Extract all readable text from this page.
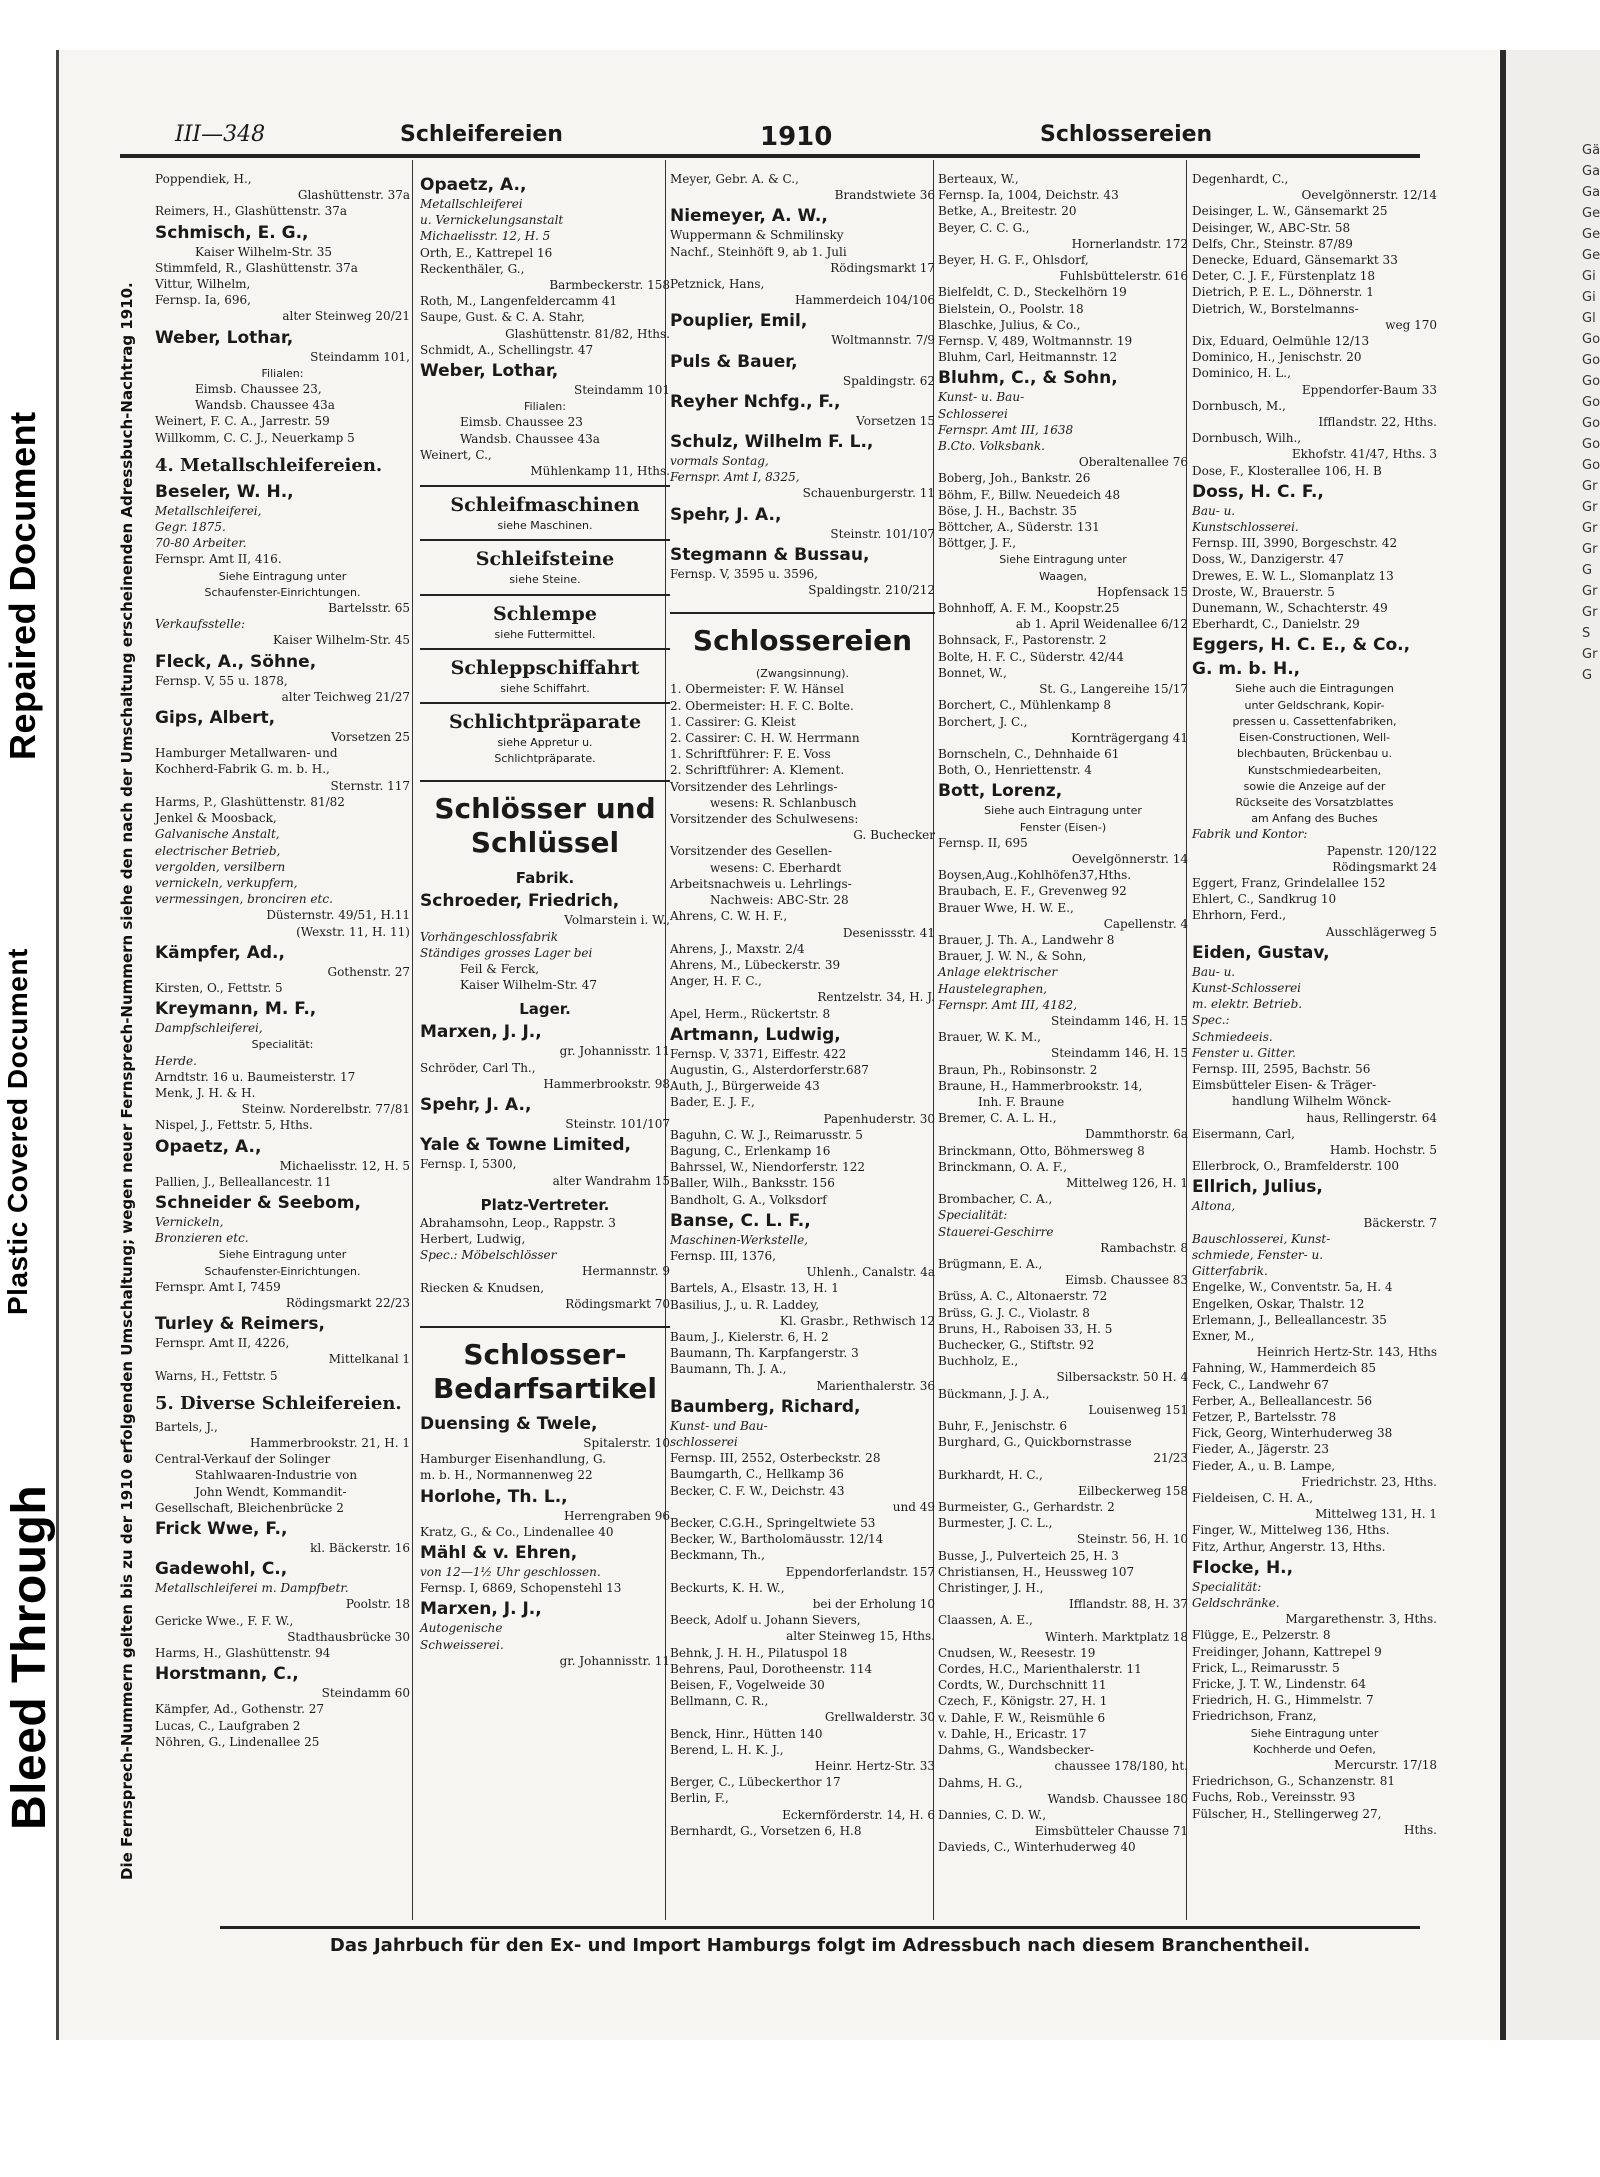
Repaired Document
Plastic Covered Document
Bleed Through
Gä Ga Ga Ge Ge Ge Gi Gi Gl Go Go Go Go Go Go Go Gr Gr Gr Gr G Gr Gr S Gr G
III—348	Schleifereien	1910	Schlossereien
Die Fernsprech-Nummern gelten bis zu der 1910 erfolgenden Umschaltung; wegen neuer Fernsprech-Nummern siehe den nach der Umschaltung erscheinenden Adressbuch-Nachtrag 1910.
Poppendiek, H.,
Glashüttenstr. 37a
Reimers, H., Glashüttenstr. 37a
Schmisch, E. G.,
Kaiser Wilhelm-Str. 35
Stimmfeld, R., Glashüttenstr. 37a
Vittur, Wilhelm,
Fernsp. Ia, 696,
alter Steinweg 20/21
Weber, Lothar,
Steindamm 101,
Filialen:
Eimsb. Chaussee 23,
Wandsb. Chaussee 43a
Weinert, F. C. A., Jarrestr. 59
Willkomm, C. C. J., Neuerkamp 5
4. Metallschleifereien.
Beseler, W. H.,
Metallschleiferei,
Gegr. 1875.
70-80 Arbeiter.
Fernspr. Amt II, 416.
Siehe Eintragung unter
Schaufenster-Einrichtungen.
Bartelsstr. 65
Verkaufsstelle:
Kaiser Wilhelm-Str. 45
Fleck, A., Söhne,
Fernsp. V, 55 u. 1878,
alter Teichweg 21/27
Gips, Albert,
Vorsetzen 25
Hamburger Metallwaren- und
Kochherd-Fabrik G. m. b. H.,
Sternstr. 117
Harms, P., Glashüttenstr. 81/82
Jenkel & Moosback,
Galvanische Anstalt,
electrischer Betrieb,
vergolden, versilbern
vernickeln, verkupfern,
vermessingen, bronciren etc.
Düsternstr. 49/51, H.11
(Wexstr. 11, H. 11)
Kämpfer, Ad.,
Gothenstr. 27
Kirsten, O., Fettstr. 5
Kreymann, M. F.,
Dampfschleiferei,
Specialität:
Herde.
Arndtstr. 16 u. Baumeisterstr. 17
Menk, J. H. & H.
Steinw. Norderelbstr. 77/81
Nispel, J., Fettstr. 5, Hths.
Opaetz, A.,
Michaelisstr. 12, H. 5
Pallien, J., Belleallancestr. 11
Schneider & Seebom,
Vernickeln,
Bronzieren etc.
Siehe Eintragung unter
Schaufenster-Einrichtungen.
Fernspr. Amt I, 7459
Rödingsmarkt 22/23
Turley & Reimers,
Fernspr. Amt II, 4226,
Mittelkanal 1
Warns, H., Fettstr. 5
5. Diverse Schleifereien.
Bartels, J.,
Hammerbrookstr. 21, H. 1
Central-Verkauf der Solinger
Stahlwaaren-Industrie von
John Wendt, Kommandit-
Gesellschaft, Bleichenbrücke 2
Frick Wwe, F.,
kl. Bäckerstr. 16
Gadewohl, C.,
Metallschleiferei m. Dampfbetr.
Poolstr. 18
Gericke Wwe., F. F. W.,
Stadthausbrücke 30
Harms, H., Glashüttenstr. 94
Horstmann, C.,
Steindamm 60
Kämpfer, Ad., Gothenstr. 27
Lucas, C., Laufgraben 2
Nöhren, G., Lindenallee 25
Opaetz, A.,
Metallschleiferei
u. Vernickelungsanstalt
Michaelisstr. 12, H. 5
Orth, E., Kattrepel 16
Reckenthäler, G.,
Barmbeckerstr. 158
Roth, M., Langenfeldercamm 41
Saupe, Gust. & C. A. Stahr,
Glashüttenstr. 81/82, Hths.
Schmidt, A., Schellingstr. 47
Weber, Lothar,
Steindamm 101
Filialen:
Eimsb. Chaussee 23
Wandsb. Chaussee 43a
Weinert, C.,
Mühlenkamp 11, Hths.
Schleifmaschinen
siehe Maschinen.
Schleifsteine
siehe Steine.
Schlempe
siehe Futtermittel.
Schleppschiffahrt
siehe Schiffahrt.
Schlichtpräparate
siehe Appretur u.
Schlichtpräparate.
Schlösser und Schlüssel
Fabrik.
Schroeder, Friedrich,
Volmarstein i. W.,
Vorhängeschlossfabrik
Ständiges grosses Lager bei
Feil & Ferck,
Kaiser Wilhelm-Str. 47
Lager.
Marxen, J. J.,
gr. Johannisstr. 11
Schröder, Carl Th.,
Hammerbrookstr. 98
Spehr, J. A.,
Steinstr. 101/107
Yale & Towne Limited,
Fernsp. I, 5300,
alter Wandrahm 15
Platz-Vertreter.
Abrahamsohn, Leop., Rappstr. 3
Herbert, Ludwig,
Spec.: Möbelschlösser
Hermannstr. 9
Riecken & Knudsen,
Rödingsmarkt 70
Schlosser-Bedarfsartikel
Duensing & Twele,
Spitalerstr. 10
Hamburger Eisenhandlung, G.
m. b. H., Normannenweg 22
Horlohe, Th. L.,
Herrengraben 96
Kratz, G., & Co., Lindenallee 40
Mähl & v. Ehren,
von 12—1½ Uhr geschlossen.
Fernsp. I, 6869, Schopenstehl 13
Marxen, J. J.,
Autogenische
Schweisserei.
gr. Johannisstr. 11
Meyer, Gebr. A. & C.,
Brandstwiete 36
Niemeyer, A. W.,
Wuppermann & Schmilinsky
Nachf., Steinhöft 9, ab 1. Juli
Rödingsmarkt 17
Petznick, Hans,
Hammerdeich 104/106
Pouplier, Emil,
Woltmannstr. 7/9
Puls & Bauer,
Spaldingstr. 62
Reyher Nchfg., F.,
Vorsetzen 15
Schulz, Wilhelm F. L.,
vormals Sontag,
Fernspr. Amt I, 8325,
Schauenburgerstr. 11
Spehr, J. A.,
Steinstr. 101/107
Stegmann & Bussau,
Fernsp. V, 3595 u. 3596,
Spaldingstr. 210/212
Schlossereien
(Zwangsinnung).
1. Obermeister: F. W. Hänsel
2. Obermeister: H. F. C. Bolte.
1. Cassirer: G. Kleist
2. Cassirer: C. H. W. Herrmann
1. Schriftführer: F. E. Voss
2. Schriftführer: A. Klement.
Vorsitzender des Lehrlings-
wesens: R. Schlanbusch
Vorsitzender des Schulwesens:
G. Buchecker
Vorsitzender des Gesellen-
wesens: C. Eberhardt
Arbeitsnachweis u. Lehrlings-
Nachweis: ABC-Str. 28
Ahrens, C. W. H. F.,
Desenissstr. 41
Ahrens, J., Maxstr. 2/4
Ahrens, M., Lübeckerstr. 39
Anger, H. F. C.,
Rentzelstr. 34, H. J.
Apel, Herm., Rückertstr. 8
Artmann, Ludwig,
Fernsp. V, 3371, Eiffestr. 422
Augustin, G., Alsterdorferstr.687
Auth, J., Bürgerweide 43
Bader, E. J. F.,
Papenhuderstr. 30
Baguhn, C. W. J., Reimarusstr. 5
Bagung, C., Erlenkamp 16
Bahrssel, W., Niendorferstr. 122
Baller, Wilh., Banksstr. 156
Bandholt, G. A., Volksdorf
Banse, C. L. F.,
Maschinen-Werkstelle,
Fernsp. III, 1376,
Uhlenh., Canalstr. 4a
Bartels, A., Elsastr. 13, H. 1
Basilius, J., u. R. Laddey,
Kl. Grasbr., Rethwisch 12
Baum, J., Kielerstr. 6, H. 2
Baumann, Th. Karpfangerstr. 3
Baumann, Th. J. A.,
Marienthalerstr. 36
Baumberg, Richard,
Kunst- und Bau-
schlosserei
Fernsp. III, 2552, Osterbeckstr. 28
Baumgarth, C., Hellkamp 36
Becker, C. F. W., Deichstr. 43
und 49
Becker, C.G.H., Springeltwiete 53
Becker, W., Bartholomäusstr. 12/14
Beckmann, Th.,
Eppendorferlandstr. 157
Beckurts, K. H. W.,
bei der Erholung 10
Beeck, Adolf u. Johann Sievers,
alter Steinweg 15, Hths.
Behnk, J. H. H., Pilatuspol 18
Behrens, Paul, Dorotheenstr. 114
Beisen, F., Vogelweide 30
Bellmann, C. R.,
Grellwalderstr. 30
Benck, Hinr., Hütten 140
Berend, L. H. K. J.,
Heinr. Hertz-Str. 33
Berger, C., Lübeckerthor 17
Berlin, F.,
Eckernförderstr. 14, H. 6
Bernhardt, G., Vorsetzen 6, H.8
Berteaux, W.,
Fernsp. Ia, 1004, Deichstr. 43
Betke, A., Breitestr. 20
Beyer, C. C. G.,
Hornerlandstr. 172
Beyer, H. G. F., Ohlsdorf,
Fuhlsbüttelerstr. 616
Bielfeldt, C. D., Steckelhörn 19
Bielstein, O., Poolstr. 18
Blaschke, Julius, & Co.,
Fernsp. V, 489, Woltmannstr. 19
Bluhm, Carl, Heitmannstr. 12
Bluhm, C., & Sohn,
Kunst- u. Bau-
Schlosserei
Fernspr. Amt III, 1638
B.Cto. Volksbank.
Oberaltenallee 76
Boberg, Joh., Bankstr. 26
Böhm, F., Billw. Neuedeich 48
Böse, J. H., Bachstr. 35
Böttcher, A., Süderstr. 131
Böttger, J. F.,
Siehe Eintragung unter
Waagen,
Hopfensack 15
Bohnhoff, A. F. M., Koopstr.25
ab 1. April Weidenallee 6/12
Bohnsack, F., Pastorenstr. 2
Bolte, H. F. C., Süderstr. 42/44
Bonnet, W.,
St. G., Langereihe 15/17
Borchert, C., Mühlenkamp 8
Borchert, J. C.,
Kornträgergang 41
Bornscheln, C., Dehnhaide 61
Both, O., Henriettenstr. 4
Bott, Lorenz,
Siehe auch Eintragung unter
Fenster (Eisen-)
Fernsp. II, 695
Oevelgönnerstr. 14
Boysen,Aug.,Kohlhöfen37,Hths.
Braubach, E. F., Grevenweg 92
Brauer Wwe, H. W. E.,
Capellenstr. 4
Brauer, J. Th. A., Landwehr 8
Brauer, J. W. N., & Sohn,
Anlage elektrischer
Haustelegraphen,
Fernspr. Amt III, 4182,
Steindamm 146, H. 15
Brauer, W. K. M.,
Steindamm 146, H. 15
Braun, Ph., Robinsonstr. 2
Braune, H., Hammerbrookstr. 14,
Inh. F. Braune
Bremer, C. A. L. H.,
Dammthorstr. 6a
Brinckmann, Otto, Böhmersweg 8
Brinckmann, O. A. F.,
Mittelweg 126, H. 1
Brombacher, C. A.,
Specialität:
Stauerei-Geschirre
Rambachstr. 8
Brügmann, E. A.,
Eimsb. Chaussee 83
Brüss, A. C., Altonaerstr. 72
Brüss, G. J. C., Violastr. 8
Bruns, H., Raboisen 33, H. 5
Buchecker, G., Stiftstr. 92
Buchholz, E.,
Silbersackstr. 50 H. 4
Bückmann, J. J. A.,
Louisenweg 151
Buhr, F., Jenischstr. 6
Burghard, G., Quickbornstrasse
21/23
Burkhardt, H. C.,
Eilbeckerweg 158
Burmeister, G., Gerhardstr. 2
Burmester, J. C. L.,
Steinstr. 56, H. 10
Busse, J., Pulverteich 25, H. 3
Christiansen, H., Heussweg 107
Christinger, J. H.,
Ifflandstr. 88, H. 37
Claassen, A. E.,
Winterh. Marktplatz 18
Cnudsen, W., Reesestr. 19
Cordes, H.C., Marienthalerstr. 11
Cordts, W., Durchschnitt 11
Czech, F., Königstr. 27, H. 1
v. Dahle, F. W., Reismühle 6
v. Dahle, H., Ericastr. 17
Dahms, G., Wandsbecker-
chaussee 178/180, ht.
Dahms, H. G.,
Wandsb. Chaussee 180
Dannies, C. D. W.,
Eimsbütteler Chausse 71
Davieds, C., Winterhuderweg 40
Degenhardt, C.,
Oevelgönnerstr. 12/14
Deisinger, L. W., Gänsemarkt 25
Deisinger, W., ABC-Str. 58
Delfs, Chr., Steinstr. 87/89
Denecke, Eduard, Gänsemarkt 33
Deter, C. J. F., Fürstenplatz 18
Dietrich, P. E. L., Döhnerstr. 1
Dietrich, W., Borstelmanns-
weg 170
Dix, Eduard, Oelmühle 12/13
Dominico, H., Jenischstr. 20
Dominico, H. L.,
Eppendorfer-Baum 33
Dornbusch, M.,
Ifflandstr. 22, Hths.
Dornbusch, Wilh.,
Ekhofstr. 41/47, Hths. 3
Dose, F., Klosterallee 106, H. B
Doss, H. C. F.,
Bau- u.
Kunstschlosserei.
Fernsp. III, 3990, Borgeschstr. 42
Doss, W., Danzigerstr. 47
Drewes, E. W. L., Slomanplatz 13
Droste, W., Brauerstr. 5
Dunemann, W., Schachterstr. 49
Eberhardt, C., Danielstr. 29
Eggers, H. C. E., & Co.,
G. m. b. H.,
Siehe auch die Eintragungen
unter Geldschrank, Kopir-
pressen u. Cassettenfabriken,
Eisen-Constructionen, Well-
blechbauten, Brückenbau u.
Kunstschmiedearbeiten,
sowie die Anzeige auf der
Rückseite des Vorsatzblattes
am Anfang des Buches
Fabrik und Kontor:
Papenstr. 120/122
Rödingsmarkt 24
Eggert, Franz, Grindelallee 152
Ehlert, C., Sandkrug 10
Ehrhorn, Ferd.,
Ausschlägerweg 5
Eiden, Gustav,
Bau- u.
Kunst-Schlosserei
m. elektr. Betrieb.
Spec.:
Schmiedeeis.
Fenster u. Gitter.
Fernsp. III, 2595, Bachstr. 56
Eimsbütteler Eisen- & Träger-
handlung Wilhelm Wönck-
haus, Rellingerstr. 64
Eisermann, Carl,
Hamb. Hochstr. 5
Ellerbrock, O., Bramfelderstr. 100
Ellrich, Julius,
Altona,
Bäckerstr. 7
Bauschlosserei, Kunst-
schmiede, Fenster- u.
Gitterfabrik.
Engelke, W., Conventstr. 5a, H. 4
Engelken, Oskar, Thalstr. 12
Erlemann, J., Belleallancestr. 35
Exner, M.,
Heinrich Hertz-Str. 143, Hths
Fahning, W., Hammerdeich 85
Feck, C., Landwehr 67
Ferber, A., Belleallancestr. 56
Fetzer, P., Bartelsstr. 78
Fick, Georg, Winterhuderweg 38
Fieder, A., Jägerstr. 23
Fieder, A., u. B. Lampe,
Friedrichstr. 23, Hths.
Fieldeisen, C. H. A.,
Mittelweg 131, H. 1
Finger, W., Mittelweg 136, Hths.
Fitz, Arthur, Angerstr. 13, Hths.
Flocke, H.,
Specialität:
Geldschränke.
Margarethenstr. 3, Hths.
Flügge, E., Pelzerstr. 8
Freidinger, Johann, Kattrepel 9
Frick, L., Reimarusstr. 5
Fricke, J. T. W., Lindenstr. 64
Friedrich, H. G., Himmelstr. 7
Friedrichson, Franz,
Siehe Eintragung unter
Kochherde und Oefen,
Mercurstr. 17/18
Friedrichson, G., Schanzenstr. 81
Fuchs, Rob., Vereinsstr. 93
Fülscher, H., Stellingerweg 27,
Hths.
Das Jahrbuch für den Ex- und Import Hamburgs folgt im Adressbuch nach diesem Branchentheil.
